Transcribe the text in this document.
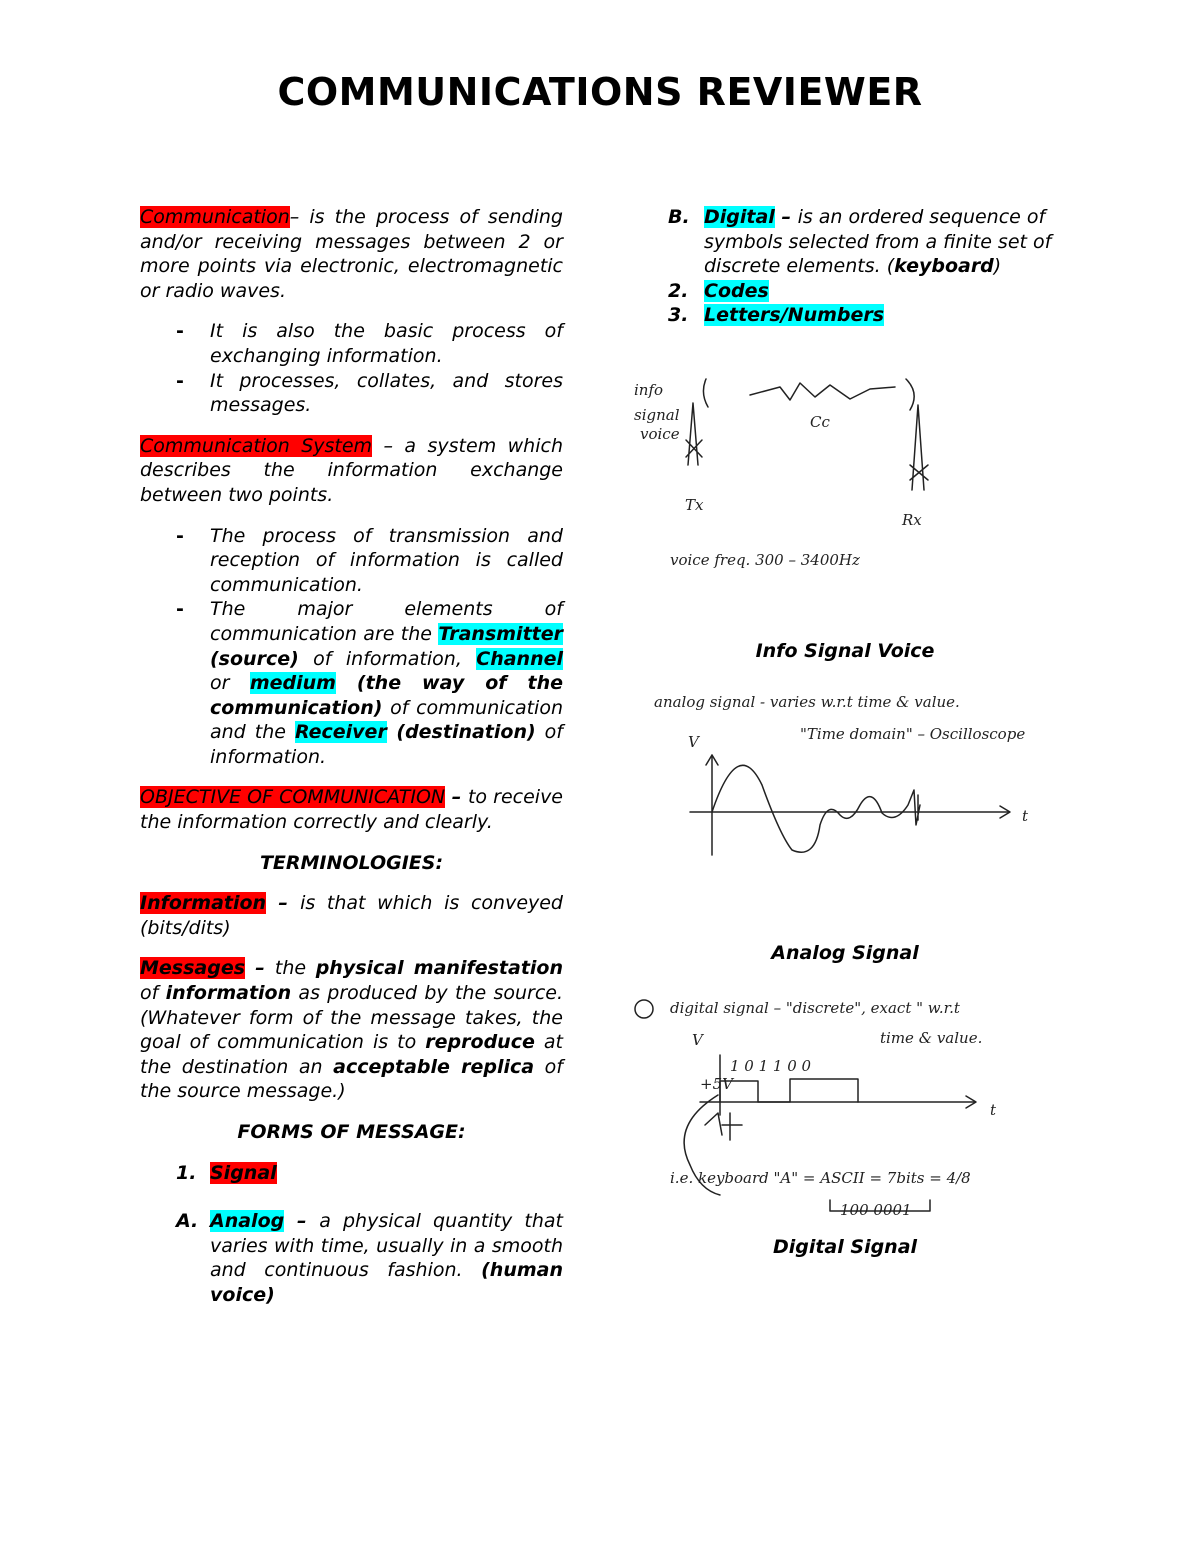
COMMUNICATIONS REVIEWER

Communication– is the process of sending and/or receiving messages between 2 or more points via electronic, electromagnetic or radio waves.

- It is also the basic process of exchanging information.
- It processes, collates, and stores messages.

Communication System – a system which describes the information exchange between two points.

- The process of transmission and reception of information is called communication.
- The major elements of communication are the Transmitter (source) of information, Channel or medium (the way of the communication) of communication and the Receiver (destination) of information.

OBJECTIVE OF COMMUNICATION – to receive the information correctly and clearly.

TERMINOLOGIES:

Information – is that which is conveyed (bits/dits)

Messages – the physical manifestation of information as produced by the source. (Whatever form of the message takes, the goal of communication is to reproduce at the destination an acceptable replica of the source message.)

FORMS OF MESSAGE:

1. Signal
A. Analog – a physical quantity that varies with time, usually in a smooth and continuous fashion. (human voice)
B. Digital – is an ordered sequence of symbols selected from a finite set of discrete elements. (keyboard)
2. Codes
3. Letters/Numbers
info
signal
voice
Cc
Tx
Rx
voice freq. 300 – 3400Hz
Info Signal Voice
analog signal - varies w.r.t time & value.
"Time domain" – Oscilloscope
V
t
Analog Signal
digital signal – "discrete", exact " w.r.t
time & value.
V
1 0 1 1 0 0
+5V
t
i.e. keyboard "A" = ASCII = 7bits = 4/8
100 0001
Digital Signal
